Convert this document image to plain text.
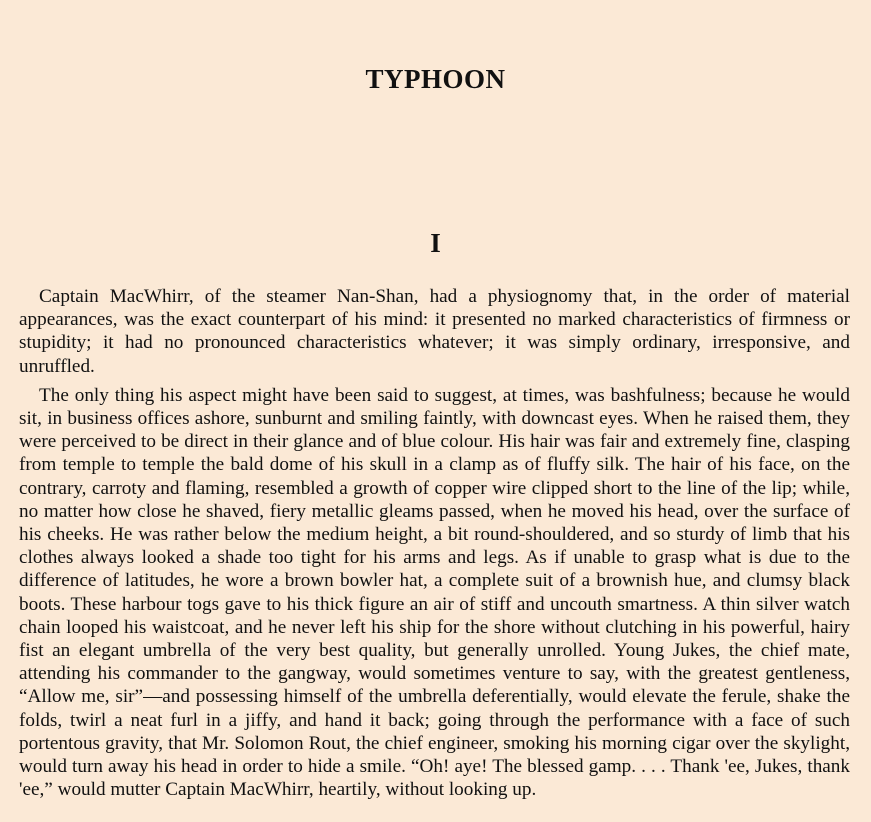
TYPHOON
I

Captain MacWhirr, of the steamer Nan-Shan, had a physiognomy that, in the order of material appearances, was the exact counterpart of his mind: it presented no marked characteristics of firmness or stupidity; it had no pronounced characteristics whatever; it was simply ordinary, irresponsive, and unruffled.

The only thing his aspect might have been said to suggest, at times, was bashfulness; because he would sit, in business offices ashore, sunburnt and smiling faintly, with downcast eyes. When he raised them, they were perceived to be direct in their glance and of blue colour. His hair was fair and extremely fine, clasping from temple to temple the bald dome of his skull in a clamp as of fluffy silk. The hair of his face, on the contrary, carroty and flaming, resembled a growth of copper wire clipped short to the line of the lip; while, no matter how close he shaved, fiery metallic gleams passed, when he moved his head, over the surface of his cheeks. He was rather below the medium height, a bit round-shouldered, and so sturdy of limb that his clothes always looked a shade too tight for his arms and legs. As if unable to grasp what is due to the difference of latitudes, he wore a brown bowler hat, a complete suit of a brownish hue, and clumsy black boots. These harbour togs gave to his thick figure an air of stiff and uncouth smartness. A thin silver watch chain looped his waistcoat, and he never left his ship for the shore without clutching in his powerful, hairy fist an elegant umbrella of the very best quality, but generally unrolled. Young Jukes, the chief mate, attending his commander to the gangway, would sometimes venture to say, with the greatest gentleness, “Allow me, sir”—and possessing himself of the umbrella deferentially, would elevate the ferule, shake the folds, twirl a neat furl in a jiffy, and hand it back; going through the performance with a face of such portentous gravity, that Mr. Solomon Rout, the chief engineer, smoking his morning cigar over the skylight, would turn away his head in order to hide a smile. “Oh! aye! The blessed gamp. . . . Thank 'ee, Jukes, thank 'ee,” would mutter Captain MacWhirr, heartily, without looking up.
